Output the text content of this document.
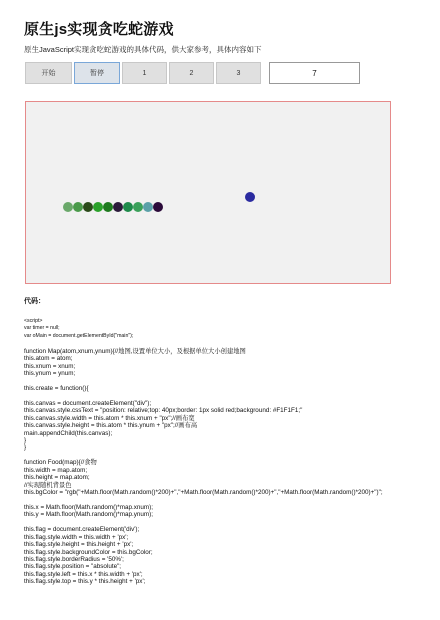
原生js实现贪吃蛇游戏
原生JavaScript实现贪吃蛇游戏的具体代码，供大家参考，具体内容如下
开始	暂停	1	2	3	7
代码：
<script>
var timer = null;
var oMain = document.getElementById("main");
function Map(atom,xnum,ynum){//地图,设置单位大小，及根据单位大小创建地图
this.atom = atom;
this.xnum = xnum;
this.ynum = ynum;
this.create = function(){
this.canvas = document.createElement("div");
this.canvas.style.cssText = "position: relative;top: 40px;border: 1px solid red;background: #F1F1F1;"
this.canvas.style.width = this.atom * this.xnum + "px";//画布宽
this.canvas.style.height = this.atom * this.ynum + "px";//画布高
main.appendChild(this.canvas);
}
}
function Food(map){//食物
this.width = map.atom;
this.height = map.atom;
//实现随机背景色
this.bgColor = "rgb("+Math.floor(Math.random()*200)+","+Math.floor(Math.random()*200)+","+Math.floor(Math.random()*200)+")";
this.x = Math.floor(Math.random()*map.xnum);
this.y = Math.floor(Math.random()*map.ynum);
this.flag = document.createElement('div');
this.flag.style.width = this.width + 'px';
this.flag.style.height = this.height + 'px';
this.flag.style.backgroundColor = this.bgColor;
this.flag.style.borderRadius = '50%';
this.flag.style.position = "absolute";
this.flag.style.left = this.x * this.width + 'px';
this.flag.style.top = this.y * this.height + 'px';
